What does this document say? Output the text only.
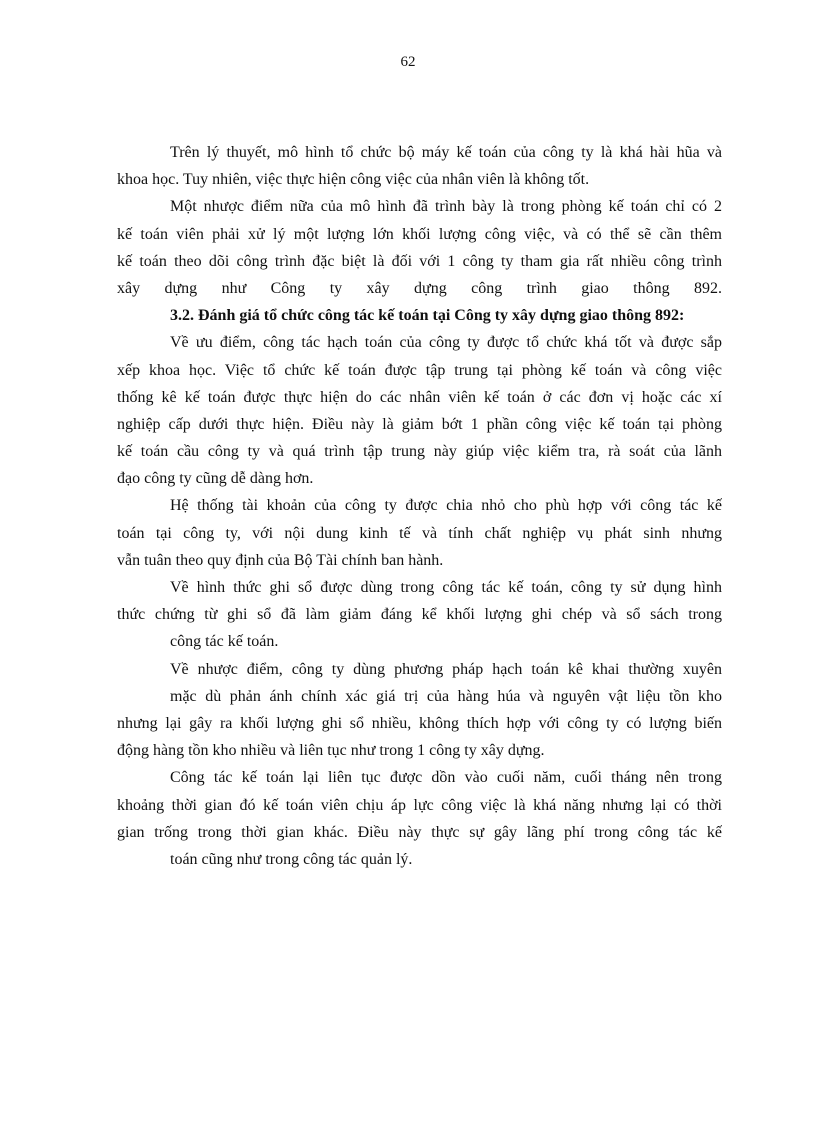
62
Trên lý thuyết, mô hình tổ chức bộ máy kế toán của công ty là khá hài hũa và
khoa học. Tuy nhiên, việc thực hiện công việc của nhân viên là không tốt.
Một nhược điểm nữa của mô hình đã trình bày là trong phòng kế toán chỉ có 2
kế toán viên phải xử lý một lượng lớn khối lượng công việc, và có thể sẽ cần thêm
kế toán theo dõi công trình đặc biệt là đối với 1 công ty tham gia rất nhiều công trình
xây dựng như Công ty xây dựng công trình giao thông 892.
3.2. Đánh giá tổ chức công tác kế toán tại Công ty xây dựng giao thông 892:
Về ưu điểm, công tác hạch toán của công ty được tổ chức khá tốt và được sắp
xếp khoa học. Việc tổ chức kế toán được tập trung tại phòng kế toán và công việc
thống kê kế toán được thực hiện do các nhân viên kế toán ở các đơn vị hoặc các xí
nghiệp cấp dưới thực hiện. Điều này là giảm bớt 1 phần công việc kế toán tại phòng
kế toán cầu công ty và quá trình tập trung này giúp việc kiểm tra, rà soát của lãnh
đạo công ty cũng dễ dàng hơn.
Hệ thống tài khoản của công ty được chia nhỏ cho phù hợp với công tác kế
toán tại công ty, với nội dung kinh tế và tính chất nghiệp vụ phát sinh nhưng
vẫn tuân theo quy định của Bộ Tài chính ban hành.
Về hình thức ghi sổ được dùng trong công tác kế toán, công ty sử dụng hình
thức chứng từ ghi sổ đã làm giảm đáng kể khối lượng ghi chép và sổ sách trong
công tác kế toán.
Về nhược điểm, công ty dùng phương pháp hạch toán kê khai thường xuyên
mặc dù phản ánh chính xác giá trị của hàng húa và nguyên vật liệu tồn kho
nhưng lại gây ra khối lượng ghi sổ nhiều, không thích hợp với công ty có lượng biến
động hàng tồn kho nhiều và liên tục như trong 1 công ty xây dựng.
Công tác kế toán lại liên tục được dồn vào cuối năm, cuối tháng nên trong
khoảng thời gian đó kế toán viên chịu áp lực công việc là khá năng nhưng lại có thời
gian trống trong thời gian khác. Điều này thực sự gây lãng phí trong công tác kế
toán cũng như trong công tác quản lý.
